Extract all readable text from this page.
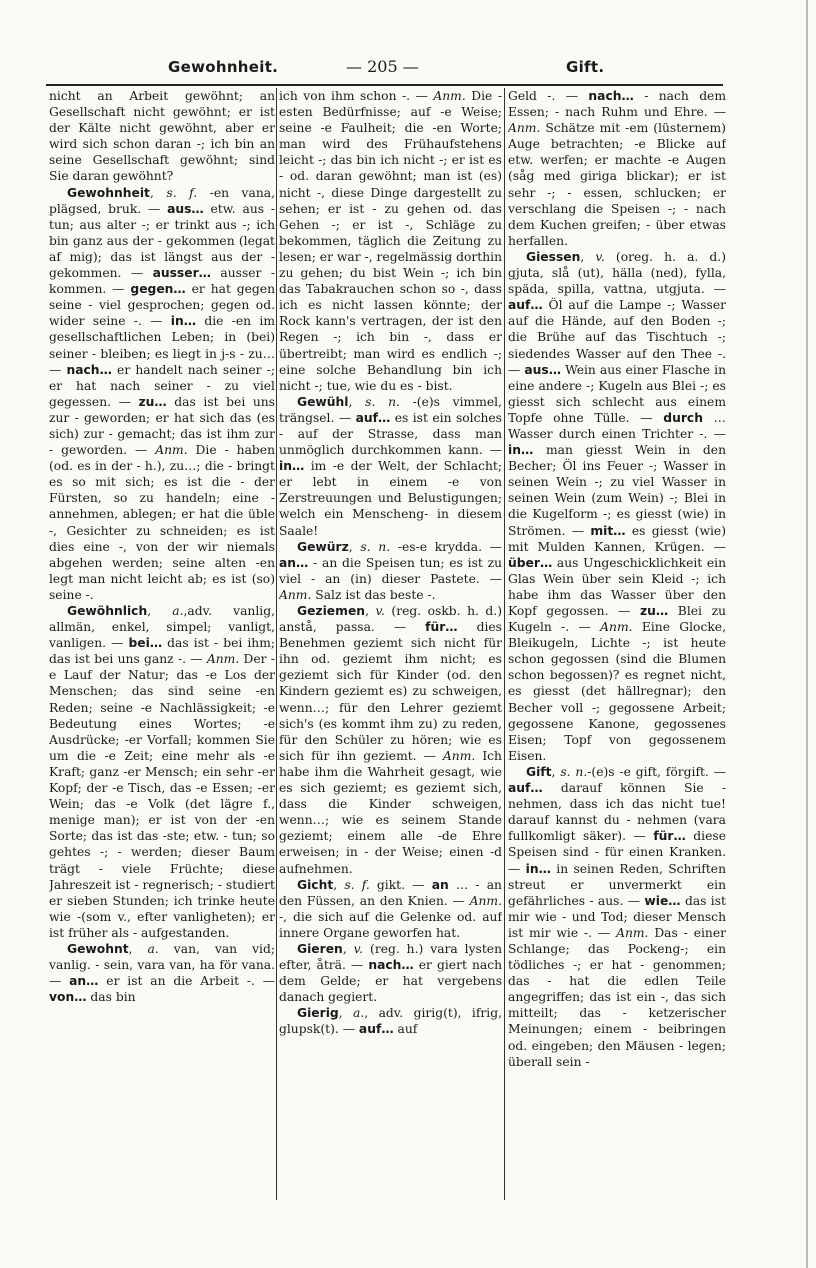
Gewohnheit.	— 205 —	Gift.

nicht an Arbeit gewöhnt; an Gesellschaft nicht gewöhnt; er ist der Kälte nicht gewöhnt, aber er wird sich schon daran -; ich bin an seine Gesellschaft gewöhnt; sind Sie daran gewöhnt?

Gewohnheit, s. f. -en vana, plägsed, bruk. — aus… etw. aus - tun; aus alter -; er trinkt aus -; ich bin ganz aus der - gekommen (legat af mig); das ist längst aus der - gekommen. — ausser… ausser - kommen. — gegen… er hat gegen seine - viel gesprochen; gegen od. wider seine -. — in… die -en im gesellschaftlichen Leben; in (bei) seiner - bleiben; es liegt in j-s - zu… — nach… er handelt nach seiner -; er hat nach seiner - zu viel gegessen. — zu… das ist bei uns zur - geworden; er hat sich das (es sich) zur - gemacht; das ist ihm zur - geworden. — Anm. Die - haben (od. es in der - h.), zu…; die - bringt es so mit sich; es ist die - der Fürsten, so zu handeln; eine - annehmen, ablegen; er hat die üble -, Gesichter zu schneiden; es ist dies eine -, von der wir niemals abgehen werden; seine alten -en legt man nicht leicht ab; es ist (so) seine -.

Gewöhnlich, a.,adv. vanlig, allmän, enkel, simpel; vanligt, vanligen. — bei… das ist - bei ihm; das ist bei uns ganz -. — Anm. Der -e Lauf der Natur; das -e Los der Menschen; das sind seine -en Reden; seine -e Nachlässigkeit; -e Bedeutung eines Wortes; -e Ausdrücke; -er Vorfall; kommen Sie um die -e Zeit; eine mehr als -e Kraft; ganz -er Mensch; ein sehr -er Kopf; der -e Tisch, das -e Essen; -er Wein; das -e Volk (det lägre f., menige man); er ist von der -en Sorte; das ist das -ste; etw. - tun; so gehtes -; - werden; dieser Baum trägt - viele Früchte; diese Jahreszeit ist - regnerisch; - studiert er sieben Stunden; ich trinke heute wie -(som v., efter vanligheten); er ist früher als - aufgestanden.

Gewohnt, a. van, van vid; vanlig. - sein, vara van, ha för vana. — an… er ist an die Arbeit -. — von… das bin

ich von ihm schon -. — Anm. Die -esten Bedürfnisse; auf -e Weise; seine -e Faulheit; die -en Worte; man wird des Frühaufstehens leicht -; das bin ich nicht -; er ist es - od. daran gewöhnt; man ist (es) nicht -, diese Dinge dargestellt zu sehen; er ist - zu gehen od. das Gehen -; er ist -, Schläge zu bekommen, täglich die Zeitung zu lesen; er war -, regelmässig dorthin zu gehen; du bist Wein -; ich bin das Tabakrauchen schon so -, dass ich es nicht lassen könnte; der Rock kann's vertragen, der ist den Regen -; ich bin -, dass er übertreibt; man wird es endlich -; eine solche Behandlung bin ich nicht -; tue, wie du es - bist.

Gewühl, s. n. -(e)s vimmel, trängsel. — auf… es ist ein solches - auf der Strasse, dass man unmöglich durchkommen kann. — in… im -e der Welt, der Schlacht; er lebt in einem -e von Zerstreuungen und Belustigungen; welch ein Menscheng- in diesem Saale!

Gewürz, s. n. -es-e krydda. — an… - an die Speisen tun; es ist zu viel - an (in) dieser Pastete. — Anm. Salz ist das beste -.

Geziemen, v. (reg. oskb. h. d.) anstå, passa. — für… dies Benehmen geziemt sich nicht für ihn od. geziemt ihm nicht; es geziemt sich für Kinder (od. den Kindern geziemt es) zu schweigen, wenn…; für den Lehrer geziemt sich's (es kommt ihm zu) zu reden, für den Schüler zu hören; wie es sich für ihn geziemt. — Anm. Ich habe ihm die Wahrheit gesagt, wie es sich geziemt; es geziemt sich, dass die Kinder schweigen, wenn…; wie es seinem Stande geziemt; einem alle -de Ehre erweisen; in - der Weise; einen -d aufnehmen.

Gicht, s. f. gikt. — an … - an den Füssen, an den Knien. — Anm. -, die sich auf die Gelenke od. auf innere Organe geworfen hat.

Gieren, v. (reg. h.) vara lysten efter, åträ. — nach… er giert nach dem Gelde; er hat vergebens danach gegiert.

Gierig, a., adv. girig(t), ifrig, glupsk(t). — auf… auf

Geld -. — nach… - nach dem Essen; - nach Ruhm und Ehre. — Anm. Schätze mit -em (lüsternem) Auge betrachten; -e Blicke auf etw. werfen; er machte -e Augen (såg med giriga blickar); er ist sehr -; - essen, schlucken; er verschlang die Speisen -; - nach dem Kuchen greifen; - über etwas herfallen.

Giessen, v. (oreg. h. a. d.) gjuta, slå (ut), hälla (ned), fylla, späda, spilla, vattna, utgjuta. — auf… Öl auf die Lampe -; Wasser auf die Hände, auf den Boden -; die Brühe auf das Tischtuch -; siedendes Wasser auf den Thee -. — aus… Wein aus einer Flasche in eine andere -; Kugeln aus Blei -; es giesst sich schlecht aus einem Topfe ohne Tülle. — durch … Wasser durch einen Trichter -. — in… man giesst Wein in den Becher; Öl ins Feuer -; Wasser in seinen Wein -; zu viel Wasser in seinen Wein (zum Wein) -; Blei in die Kugelform -; es giesst (wie) in Strömen. — mit… es giesst (wie) mit Mulden Kannen, Krügen. — über… aus Ungeschicklichkeit ein Glas Wein über sein Kleid -; ich habe ihm das Wasser über den Kopf gegossen. — zu… Blei zu Kugeln -. — Anm. Eine Glocke, Bleikugeln, Lichte -; ist heute schon gegossen (sind die Blumen schon begossen)? es regnet nicht, es giesst (det hällregnar); den Becher voll -; gegossene Arbeit; gegossene Kanone, gegossenes Eisen; Topf von gegossenem Eisen.

Gift, s. n.-(e)s -e gift, förgift. — auf… darauf können Sie - nehmen, dass ich das nicht tue! darauf kannst du - nehmen (vara fullkomligt säker). — für… diese Speisen sind - für einen Kranken. — in… in seinen Reden, Schriften streut er unvermerkt ein gefährliches - aus. — wie… das ist mir wie - und Tod; dieser Mensch ist mir wie -. — Anm. Das - einer Schlange; das Pockeng-; ein tödliches -; er hat - genommen; das - hat die edlen Teile angegriffen; das ist ein -, das sich mitteilt; das - ketzerischer Meinungen; einem - beibringen od. eingeben; den Mäusen - legen; überall sein -
